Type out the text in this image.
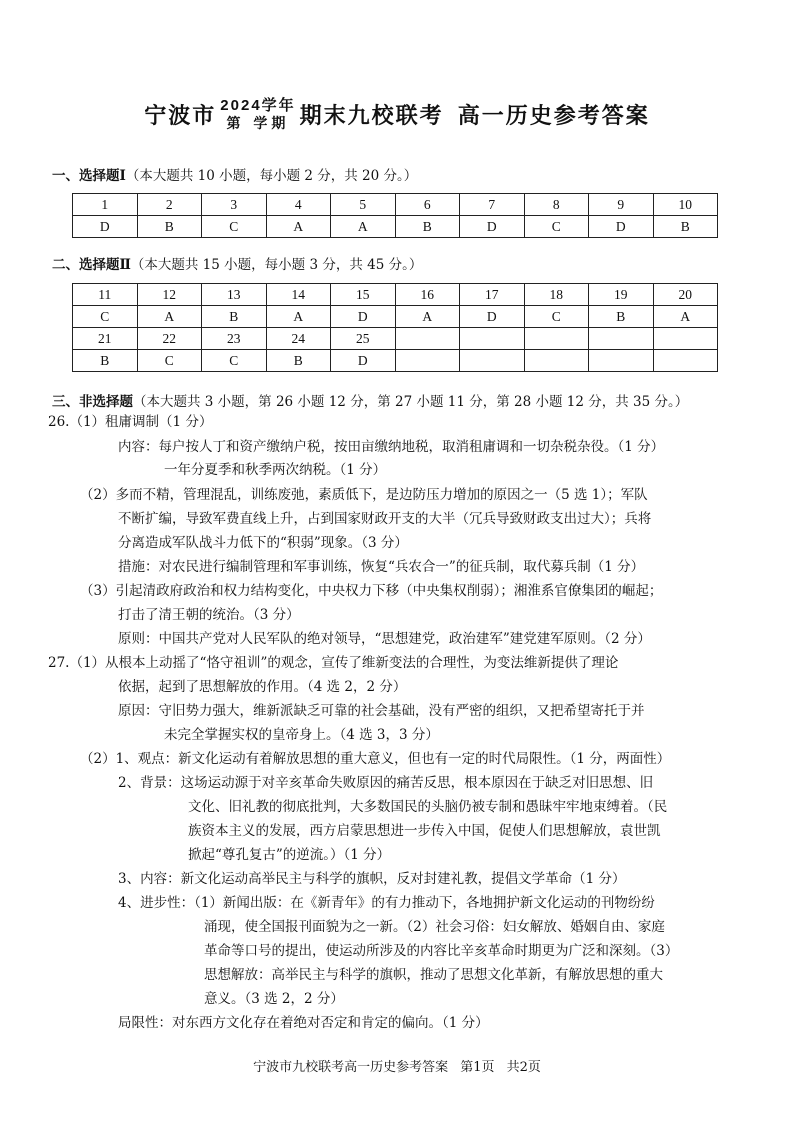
宁波市 2024学年
第 学期 期末九校联考 高一历史参考答案
一、选择题Ⅰ（本大题共 10 小题，每小题 2 分，共 20 分。）
1	2	3	4	5	6	7	8	9	10
D	B	C	A	A	B	D	C	D	B
二、选择题Ⅱ（本大题共 15 小题，每小题 3 分，共 45 分。）
11	12	13	14	15	16	17	18	19	20
C	A	B	A	D	A	D	C	B	A
21	22	23	24	25					
B	C	C	B	D					
三、非选择题（本大题共 3 小题，第 26 小题 12 分，第 27 小题 11 分，第 28 小题 12 分，共 35 分。）
26.（1）租庸调制（1 分）
内容：每户按人丁和资产缴纳户税，按田亩缴纳地税，取消租庸调和一切杂税杂役。（1 分）
一年分夏季和秋季两次纳税。（1 分）
（2）多而不精，管理混乱，训练废弛，素质低下，是边防压力增加的原因之一（5 选 1）；军队
不断扩编，导致军费直线上升，占到国家财政开支的大半（冗兵导致财政支出过大）；兵将
分离造成军队战斗力低下的“积弱”现象。（3 分）
措施：对农民进行编制管理和军事训练，恢复“兵农合一”的征兵制，取代募兵制（1 分）
（3）引起清政府政治和权力结构变化，中央权力下移（中央集权削弱）；湘淮系官僚集团的崛起；
打击了清王朝的统治。（3 分）
原则：中国共产党对人民军队的绝对领导，“思想建党，政治建军”建党建军原则。（2 分）
27.（1）从根本上动摇了“恪守祖训”的观念，宣传了维新变法的合理性，为变法维新提供了理论
依据，起到了思想解放的作用。（4 选 2，2 分）
原因：守旧势力强大，维新派缺乏可靠的社会基础，没有严密的组织，又把希望寄托于并
未完全掌握实权的皇帝身上。（4 选 3，3 分）
（2）1、观点：新文化运动有着解放思想的重大意义，但也有一定的时代局限性。（1 分，两面性）
2、背景：这场运动源于对辛亥革命失败原因的痛苦反思，根本原因在于缺乏对旧思想、旧
文化、旧礼教的彻底批判，大多数国民的头脑仍被专制和愚昧牢牢地束缚着。（民
族资本主义的发展，西方启蒙思想进一步传入中国，促使人们思想解放，袁世凯
掀起“尊孔复古”的逆流。）（1 分）
3、内容：新文化运动高举民主与科学的旗帜，反对封建礼教，提倡文学革命（1 分）
4、进步性：（1）新闻出版：在《新青年》的有力推动下，各地拥护新文化运动的刊物纷纷
涌现，使全国报刊面貌为之一新。（2）社会习俗：妇女解放、婚姻自由、家庭
革命等口号的提出，使运动所涉及的内容比辛亥革命时期更为广泛和深刻。（3）
思想解放：高举民主与科学的旗帜，推动了思想文化革新，有解放思想的重大
意义。（3 选 2，2 分）
局限性：对东西方文化存在着绝对否定和肯定的偏向。（1 分）
宁波市九校联考高一历史参考答案 第1页 共2页
